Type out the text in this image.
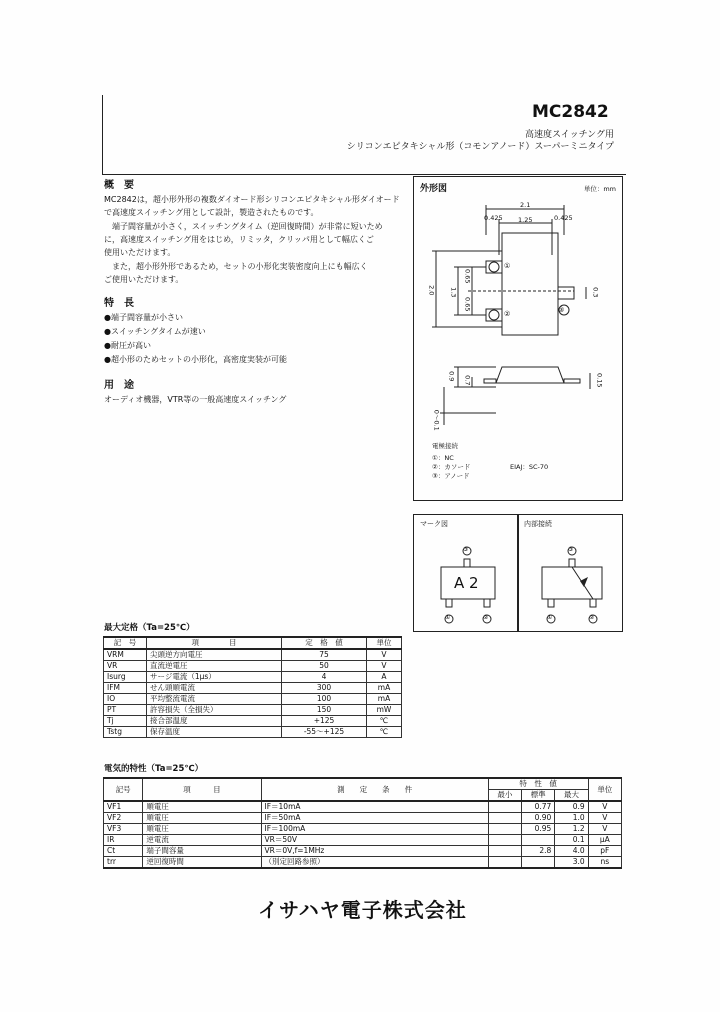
MC2842
高速度スイッチング用
シリコンエピタキシャル形（コモンアノード）スーパーミニタイプ
概　要
MC2842は，超小形外形の複数ダイオード形シリコンエピタキシャル形ダイオード
で高速度スイッチング用として設計，製造されたものです。
　端子間容量が小さく，スイッチングタイム（逆回復時間）が非常に短いため
に，高速度スイッチング用をはじめ，リミッタ，クリッパ用として幅広くご
使用いただけます。
　また，超小形外形であるため，セットの小形化実装密度向上にも幅広く
ご使用いただけます。
特　長
●端子間容量が小さい
●スイッチングタイムが速い
●耐圧が高い
●超小形のためセットの小形化，高密度実装が可能
用　途
オーディオ機器，VTR等の一般高速度スイッチング
外形図	単位：mm
2.1
0.425 1.25	0.425
2.0 1.3
0.65
0.65
0.3
0.9 0.7	0.15
0～0.1
①
②	③
電極接続
①：NC
②：カソード
③：アノード
EIAJ：SC-70
マーク図
A 2
③
①	②
内部接続
③
①	②
最大定格（Ta=25℃）
記　号	項　　　　目	定　格　値	単位
VRM	尖頭逆方向電圧	75	V
VR	直流逆電圧	50	V
Isurg	サージ電流（1μs）	4	A
IFM	せん頭順電流	300	mA
IO	平均整流電流	100	mA
PT	許容損失（全損失）	150	mW
Tj	接合部温度	+125	℃
Tstg	保存温度	-55～+125	℃
電気的特性（Ta=25℃）
記号	項　　　目	測　　定　　条　　件	特　性　値			単位
			最小	標準	最大	
VF1	順電圧	IF＝10mA		0.77	0.9	V
VF2	順電圧	IF＝50mA		0.90	1.0	V
VF3	順電圧	IF＝100mA		0.95	1.2	V
IR	逆電流	VR＝50V			0.1	μA
Ct	端子間容量	VR＝0V,f=1MHz		2.8	4.0	pF
trr	逆回復時間	（別定回路参照）			3.0	ns
イサハヤ電子株式会社
